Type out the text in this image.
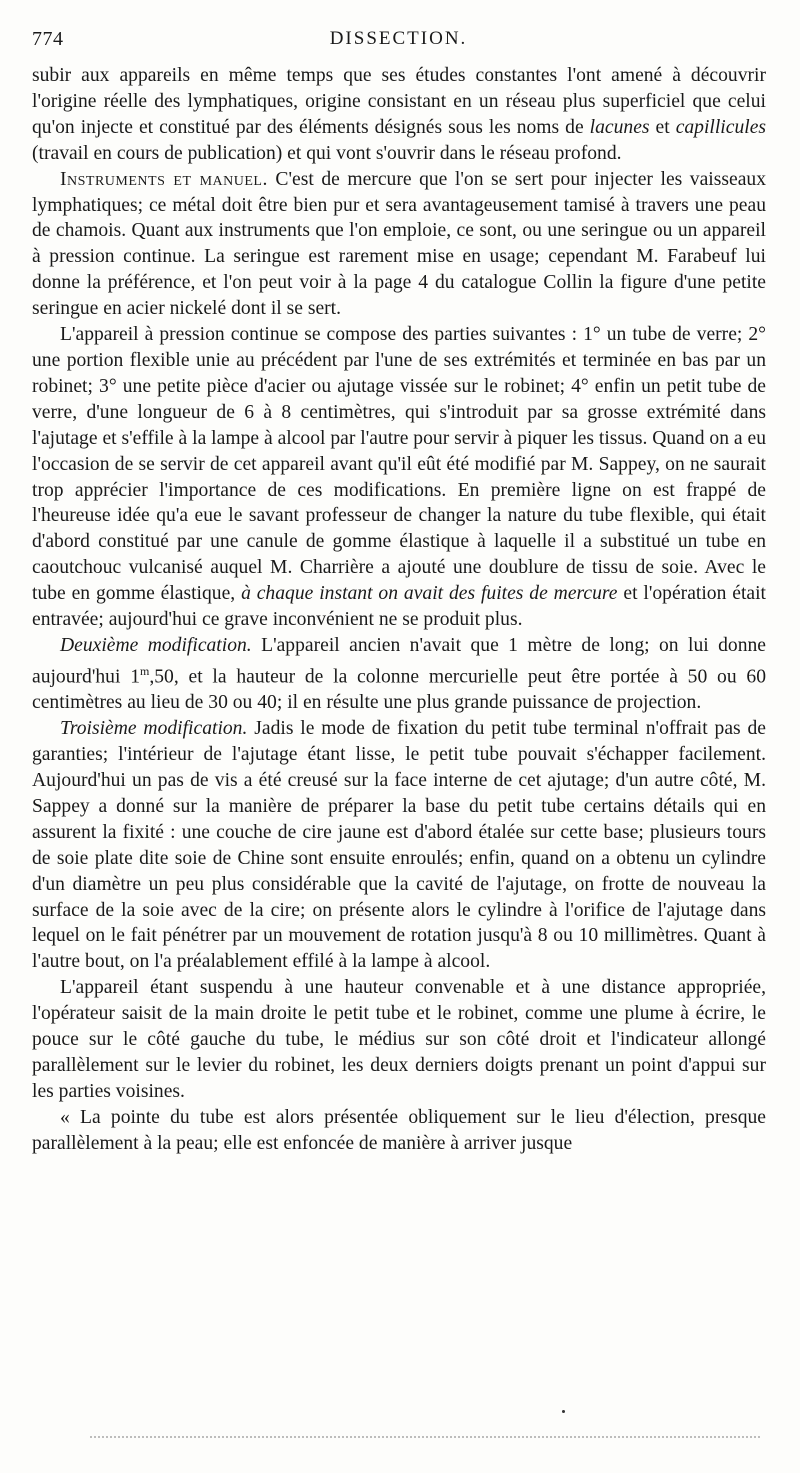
774	DISSECTION.

subir aux appareils en même temps que ses études constantes l'ont amené à découvrir l'origine réelle des lymphatiques, origine consistant en un réseau plus superficiel que celui qu'on injecte et constitué par des éléments désignés sous les noms de lacunes et capillicules (travail en cours de publication) et qui vont s'ouvrir dans le réseau profond.

Instruments et manuel. C'est de mercure que l'on se sert pour injecter les vaisseaux lymphatiques; ce métal doit être bien pur et sera avantageusement tamisé à travers une peau de chamois. Quant aux instruments que l'on emploie, ce sont, ou une seringue ou un appareil à pression continue. La seringue est rarement mise en usage; cependant M. Farabeuf lui donne la préférence, et l'on peut voir à la page 4 du catalogue Collin la figure d'une petite seringue en acier nickelé dont il se sert.

L'appareil à pression continue se compose des parties suivantes : 1° un tube de verre; 2° une portion flexible unie au précédent par l'une de ses extrémités et terminée en bas par un robinet; 3° une petite pièce d'acier ou ajutage vissée sur le robinet; 4° enfin un petit tube de verre, d'une longueur de 6 à 8 centimètres, qui s'introduit par sa grosse extrémité dans l'ajutage et s'effile à la lampe à alcool par l'autre pour servir à piquer les tissus. Quand on a eu l'occasion de se servir de cet appareil avant qu'il eût été modifié par M. Sappey, on ne saurait trop apprécier l'importance de ces modifications. En première ligne on est frappé de l'heureuse idée qu'a eue le savant professeur de changer la nature du tube flexible, qui était d'abord constitué par une canule de gomme élastique à laquelle il a substitué un tube en caoutchouc vulcanisé auquel M. Charrière a ajouté une doublure de tissu de soie. Avec le tube en gomme élastique, à chaque instant on avait des fuites de mercure et l'opération était entravée; aujourd'hui ce grave inconvénient ne se produit plus.

Deuxième modification. L'appareil ancien n'avait que 1 mètre de long; on lui donne aujourd'hui 1$^m$,50, et la hauteur de la colonne mercurielle peut être portée à 50 ou 60 centimètres au lieu de 30 ou 40; il en résulte une plus grande puissance de projection.

Troisième modification. Jadis le mode de fixation du petit tube terminal n'offrait pas de garanties; l'intérieur de l'ajutage étant lisse, le petit tube pouvait s'échapper facilement. Aujourd'hui un pas de vis a été creusé sur la face interne de cet ajutage; d'un autre côté, M. Sappey a donné sur la manière de préparer la base du petit tube certains détails qui en assurent la fixité : une couche de cire jaune est d'abord étalée sur cette base; plusieurs tours de soie plate dite soie de Chine sont ensuite enroulés; enfin, quand on a obtenu un cylindre d'un diamètre un peu plus considérable que la cavité de l'ajutage, on frotte de nouveau la surface de la soie avec de la cire; on présente alors le cylindre à l'orifice de l'ajutage dans lequel on le fait pénétrer par un mouvement de rotation jusqu'à 8 ou 10 millimètres. Quant à l'autre bout, on l'a préalablement effilé à la lampe à alcool.

L'appareil étant suspendu à une hauteur convenable et à une distance appropriée, l'opérateur saisit de la main droite le petit tube et le robinet, comme une plume à écrire, le pouce sur le côté gauche du tube, le médius sur son côté droit et l'indicateur allongé parallèlement sur le levier du robinet, les deux derniers doigts prenant un point d'appui sur les parties voisines.

« La pointe du tube est alors présentée obliquement sur le lieu d'élection, presque parallèlement à la peau; elle est enfoncée de manière à arriver jusque
